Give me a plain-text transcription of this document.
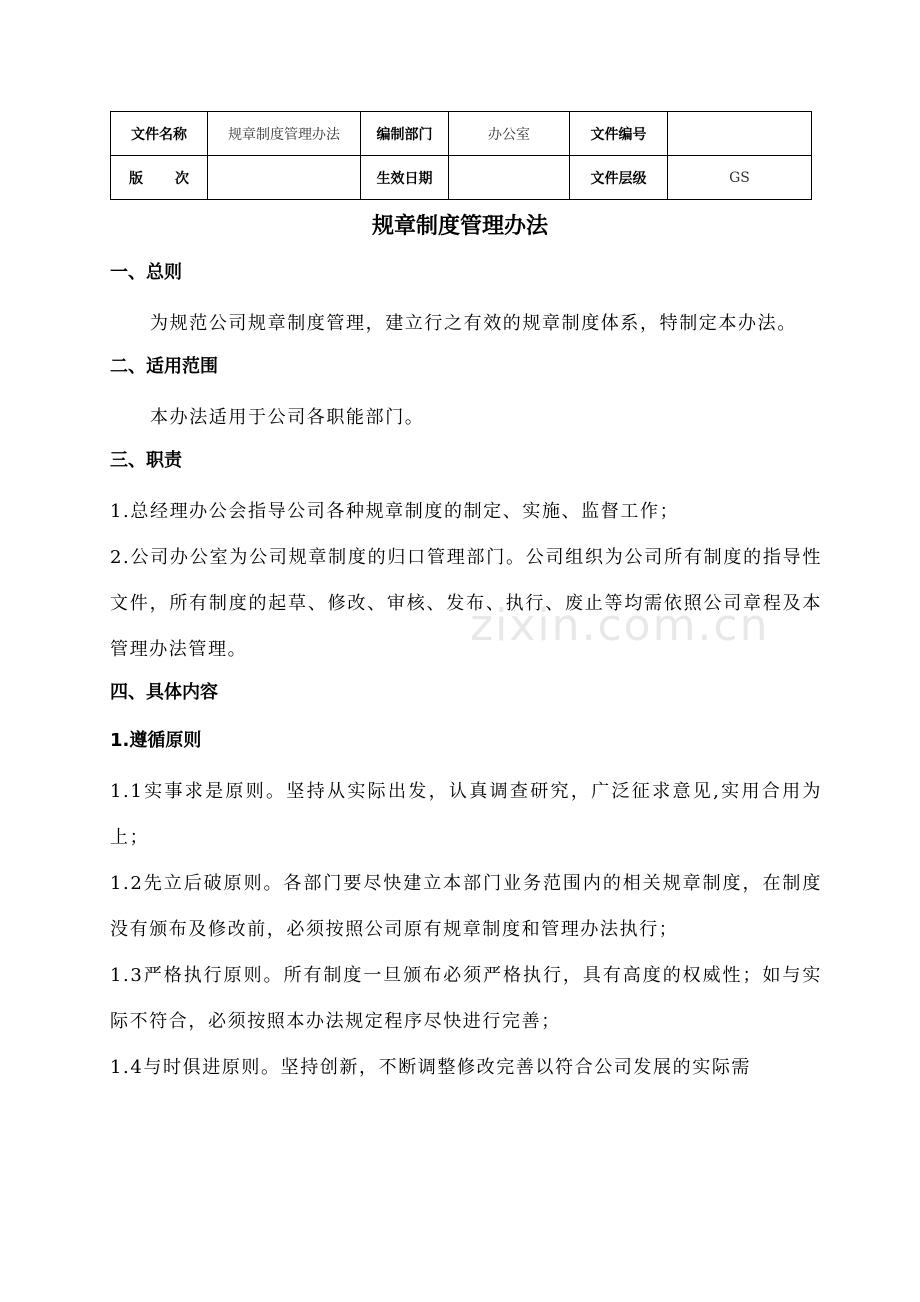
文件名称	规章制度管理办法	编制部门	办公室	文件编号	
版 次		生效日期		文件层级	GS
规章制度管理办法
一、总则

为规范公司规章制度管理，建立行之有效的规章制度体系，特制定本办法。

二、适用范围

本办法适用于公司各职能部门。

三、职责

1.总经理办公会指导公司各种规章制度的制定、实施、监督工作；

2.公司办公室为公司规章制度的归口管理部门。公司组织为公司所有制度的指导性文件，所有制度的起草、修改、审核、发布、执行、废止等均需依照公司章程及本管理办法管理。

四、具体内容
1.遵循原则

1.1实事求是原则。坚持从实际出发，认真调查研究，广泛征求意见,实用合用为上；

1.2先立后破原则。各部门要尽快建立本部门业务范围内的相关规章制度，在制度没有颁布及修改前，必须按照公司原有规章制度和管理办法执行；

1.3严格执行原则。所有制度一旦颁布必须严格执行，具有高度的权威性；如与实际不符合，必须按照本办法规定程序尽快进行完善；

1.4与时俱进原则。坚持创新，不断调整修改完善以符合公司发展的实际需

zixin.com.cn
